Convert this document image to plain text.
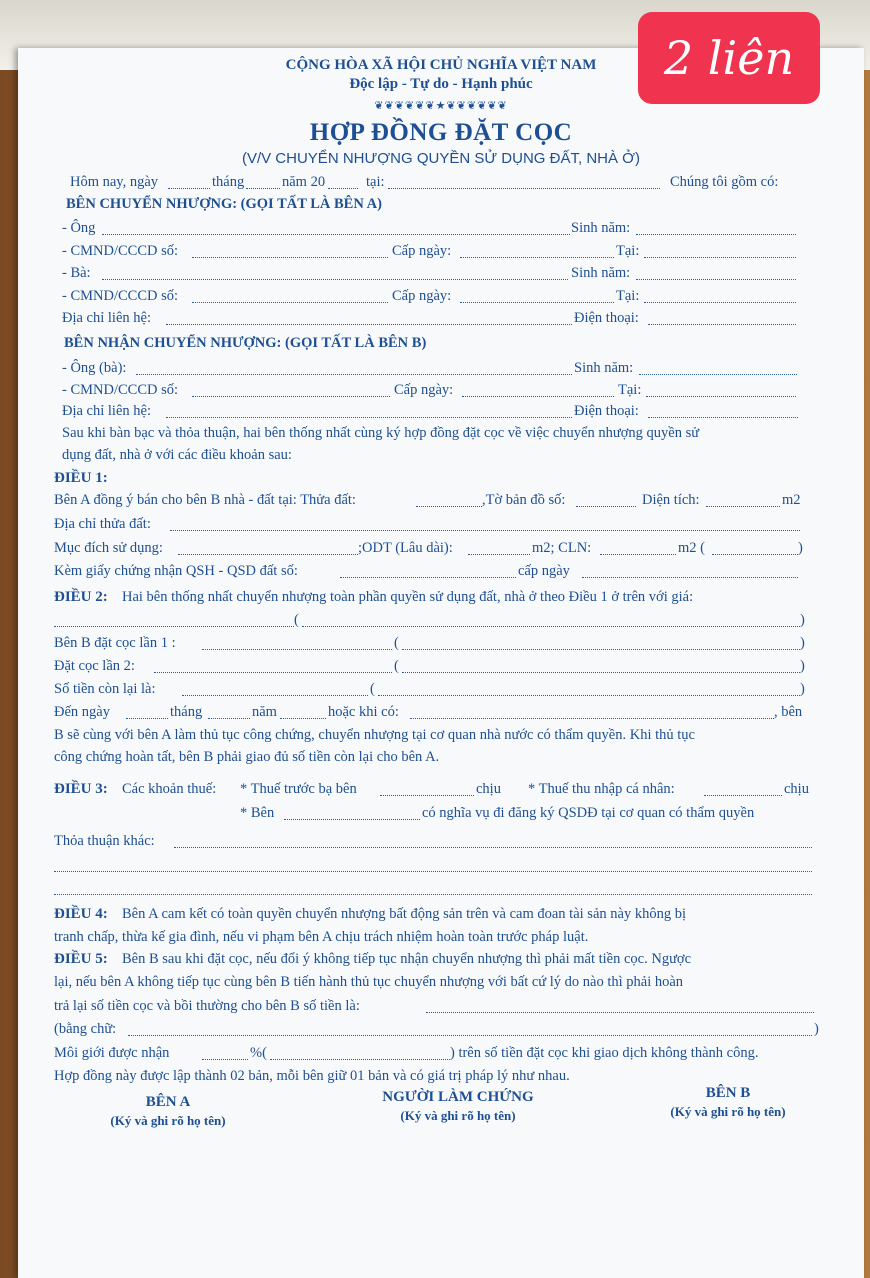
CỘNG HÒA XÃ HỘI CHỦ NGHĨA VIỆT NAM
Độc lập - Tự do - Hạnh phúc
❦❦❦❦❦❦★❦❦❦❦❦❦
HỢP ĐỒNG ĐẶT CỌC
(V/V CHUYỂN NHƯỢNG QUYỀN SỬ DỤNG ĐẤT, NHÀ Ở)
Hôm nay, ngày	tháng	năm 20	tại:	Chúng tôi gồm có:
BÊN CHUYỂN NHƯỢNG: (GỌI TẤT LÀ BÊN A)
- Ông	Sinh năm:
- CMND/CCCD số:	Cấp ngày:	Tại:
- Bà:	Sinh năm:
- CMND/CCCD số:	Cấp ngày:	Tại:
Địa chỉ liên hệ:	Điện thoại:
BÊN NHẬN CHUYỂN NHƯỢNG: (GỌI TẤT LÀ BÊN B)
- Ông (bà):	Sinh năm:
- CMND/CCCD số:	Cấp ngày:	Tại:
Địa chỉ liên hệ:	Điện thoại:
Sau khi bàn bạc và thỏa thuận, hai bên thống nhất cùng ký hợp đồng đặt cọc về việc chuyển nhượng quyền sử
dụng đất, nhà ở với các điều khoản sau:
ĐIỀU 1:
Bên A đồng ý bán cho bên B nhà - đất tại: Thửa đất:	,Tờ bản đồ số:	Diện tích:	m2
Địa chỉ thửa đất:
Mục đích sử dụng:	;ODT (Lâu dài):	m2; CLN:	m2 (	)
Kèm giấy chứng nhận QSH - QSD đất số:	cấp ngày
ĐIỀU 2: Hai bên thống nhất chuyển nhượng toàn phần quyền sử dụng đất, nhà ở theo Điều 1 ở trên với giá:
(	)
Bên B đặt cọc lần 1 :	(	)
Đặt cọc lần 2:	(	)
Số tiền còn lại là:	(	)
Đến ngày	tháng	năm	hoặc khi có:	, bên
B sẽ cùng với bên A làm thủ tục công chứng, chuyển nhượng tại cơ quan nhà nước có thẩm quyền. Khi thủ tục
công chứng hoàn tất, bên B phải giao đủ số tiền còn lại cho bên A.
ĐIỀU 3: Các khoản thuế: * Thuế trước bạ bên	chịu * Thuế thu nhập cá nhân:	chịu
* Bên	có nghĩa vụ đi đăng ký QSDĐ tại cơ quan có thẩm quyền
Thỏa thuận khác:
ĐIỀU 4: Bên A cam kết có toàn quyền chuyển nhượng bất động sản trên và cam đoan tài sản này không bị
tranh chấp, thừa kế gia đình, nếu vi phạm bên A chịu trách nhiệm hoàn toàn trước pháp luật.
ĐIỀU 5: Bên B sau khi đặt cọc, nếu đổi ý không tiếp tục nhận chuyển nhượng thì phải mất tiền cọc. Ngược
lại, nếu bên A không tiếp tục cùng bên B tiến hành thủ tục chuyển nhượng với bất cứ lý do nào thì phải hoàn
trả lại số tiền cọc và bồi thường cho bên B số tiền là:
(bằng chữ:	)
Môi giới được nhận	%(	) trên số tiền đặt cọc khi giao dịch không thành công.
Hợp đồng này được lập thành 02 bản, mỗi bên giữ 01 bản và có giá trị pháp lý như nhau.
BÊN A
(Ký và ghi rõ họ tên)
NGƯỜI LÀM CHỨNG
(Ký và ghi rõ họ tên)
BÊN B
(Ký và ghi rõ họ tên)
2 liên
